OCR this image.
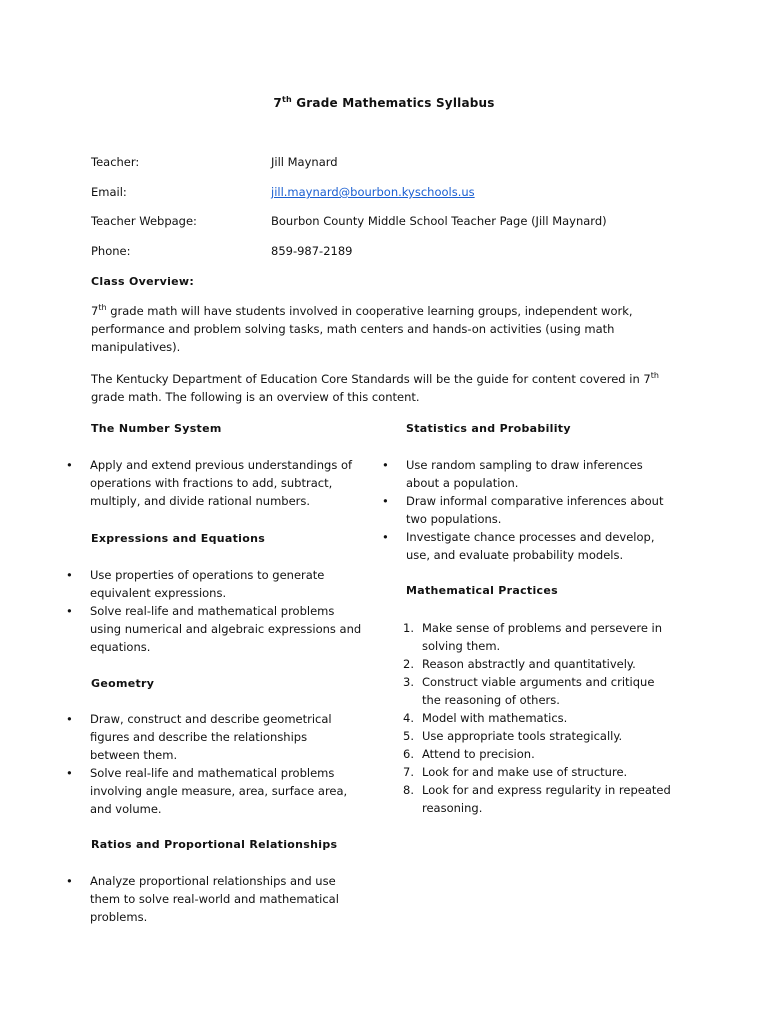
7th Grade Mathematics Syllabus
Teacher:	Jill Maynard
Email:	jill.maynard@bourbon.kyschools.us
Teacher Webpage:	Bourbon County Middle School Teacher Page (Jill Maynard)
Phone:	859-987-2189
Class Overview:
7th grade math will have students involved in cooperative learning groups, independent work,
performance and problem solving tasks, math centers and hands-on activities (using math
manipulatives).
The Kentucky Department of Education Core Standards will be the guide for content covered in 7th
grade math. The following is an overview of this content.
The Number System
• Apply and extend previous understandings of
operations with fractions to add, subtract,
multiply, and divide rational numbers.
Expressions and Equations
• Use properties of operations to generate
equivalent expressions.
• Solve real-life and mathematical problems
using numerical and algebraic expressions and
equations.
Geometry
• Draw, construct and describe geometrical
figures and describe the relationships
between them.
• Solve real-life and mathematical problems
involving angle measure, area, surface area,
and volume.
Ratios and Proportional Relationships
• Analyze proportional relationships and use
them to solve real-world and mathematical
problems.
Statistics and Probability
• Use random sampling to draw inferences
about a population.
• Draw informal comparative inferences about
two populations.
• Investigate chance processes and develop,
use, and evaluate probability models.
Mathematical Practices
1. Make sense of problems and persevere in
solving them.
2. Reason abstractly and quantitatively.
3. Construct viable arguments and critique
the reasoning of others.
4. Model with mathematics.
5. Use appropriate tools strategically.
6. Attend to precision.
7. Look for and make use of structure.
8. Look for and express regularity in repeated
reasoning.
